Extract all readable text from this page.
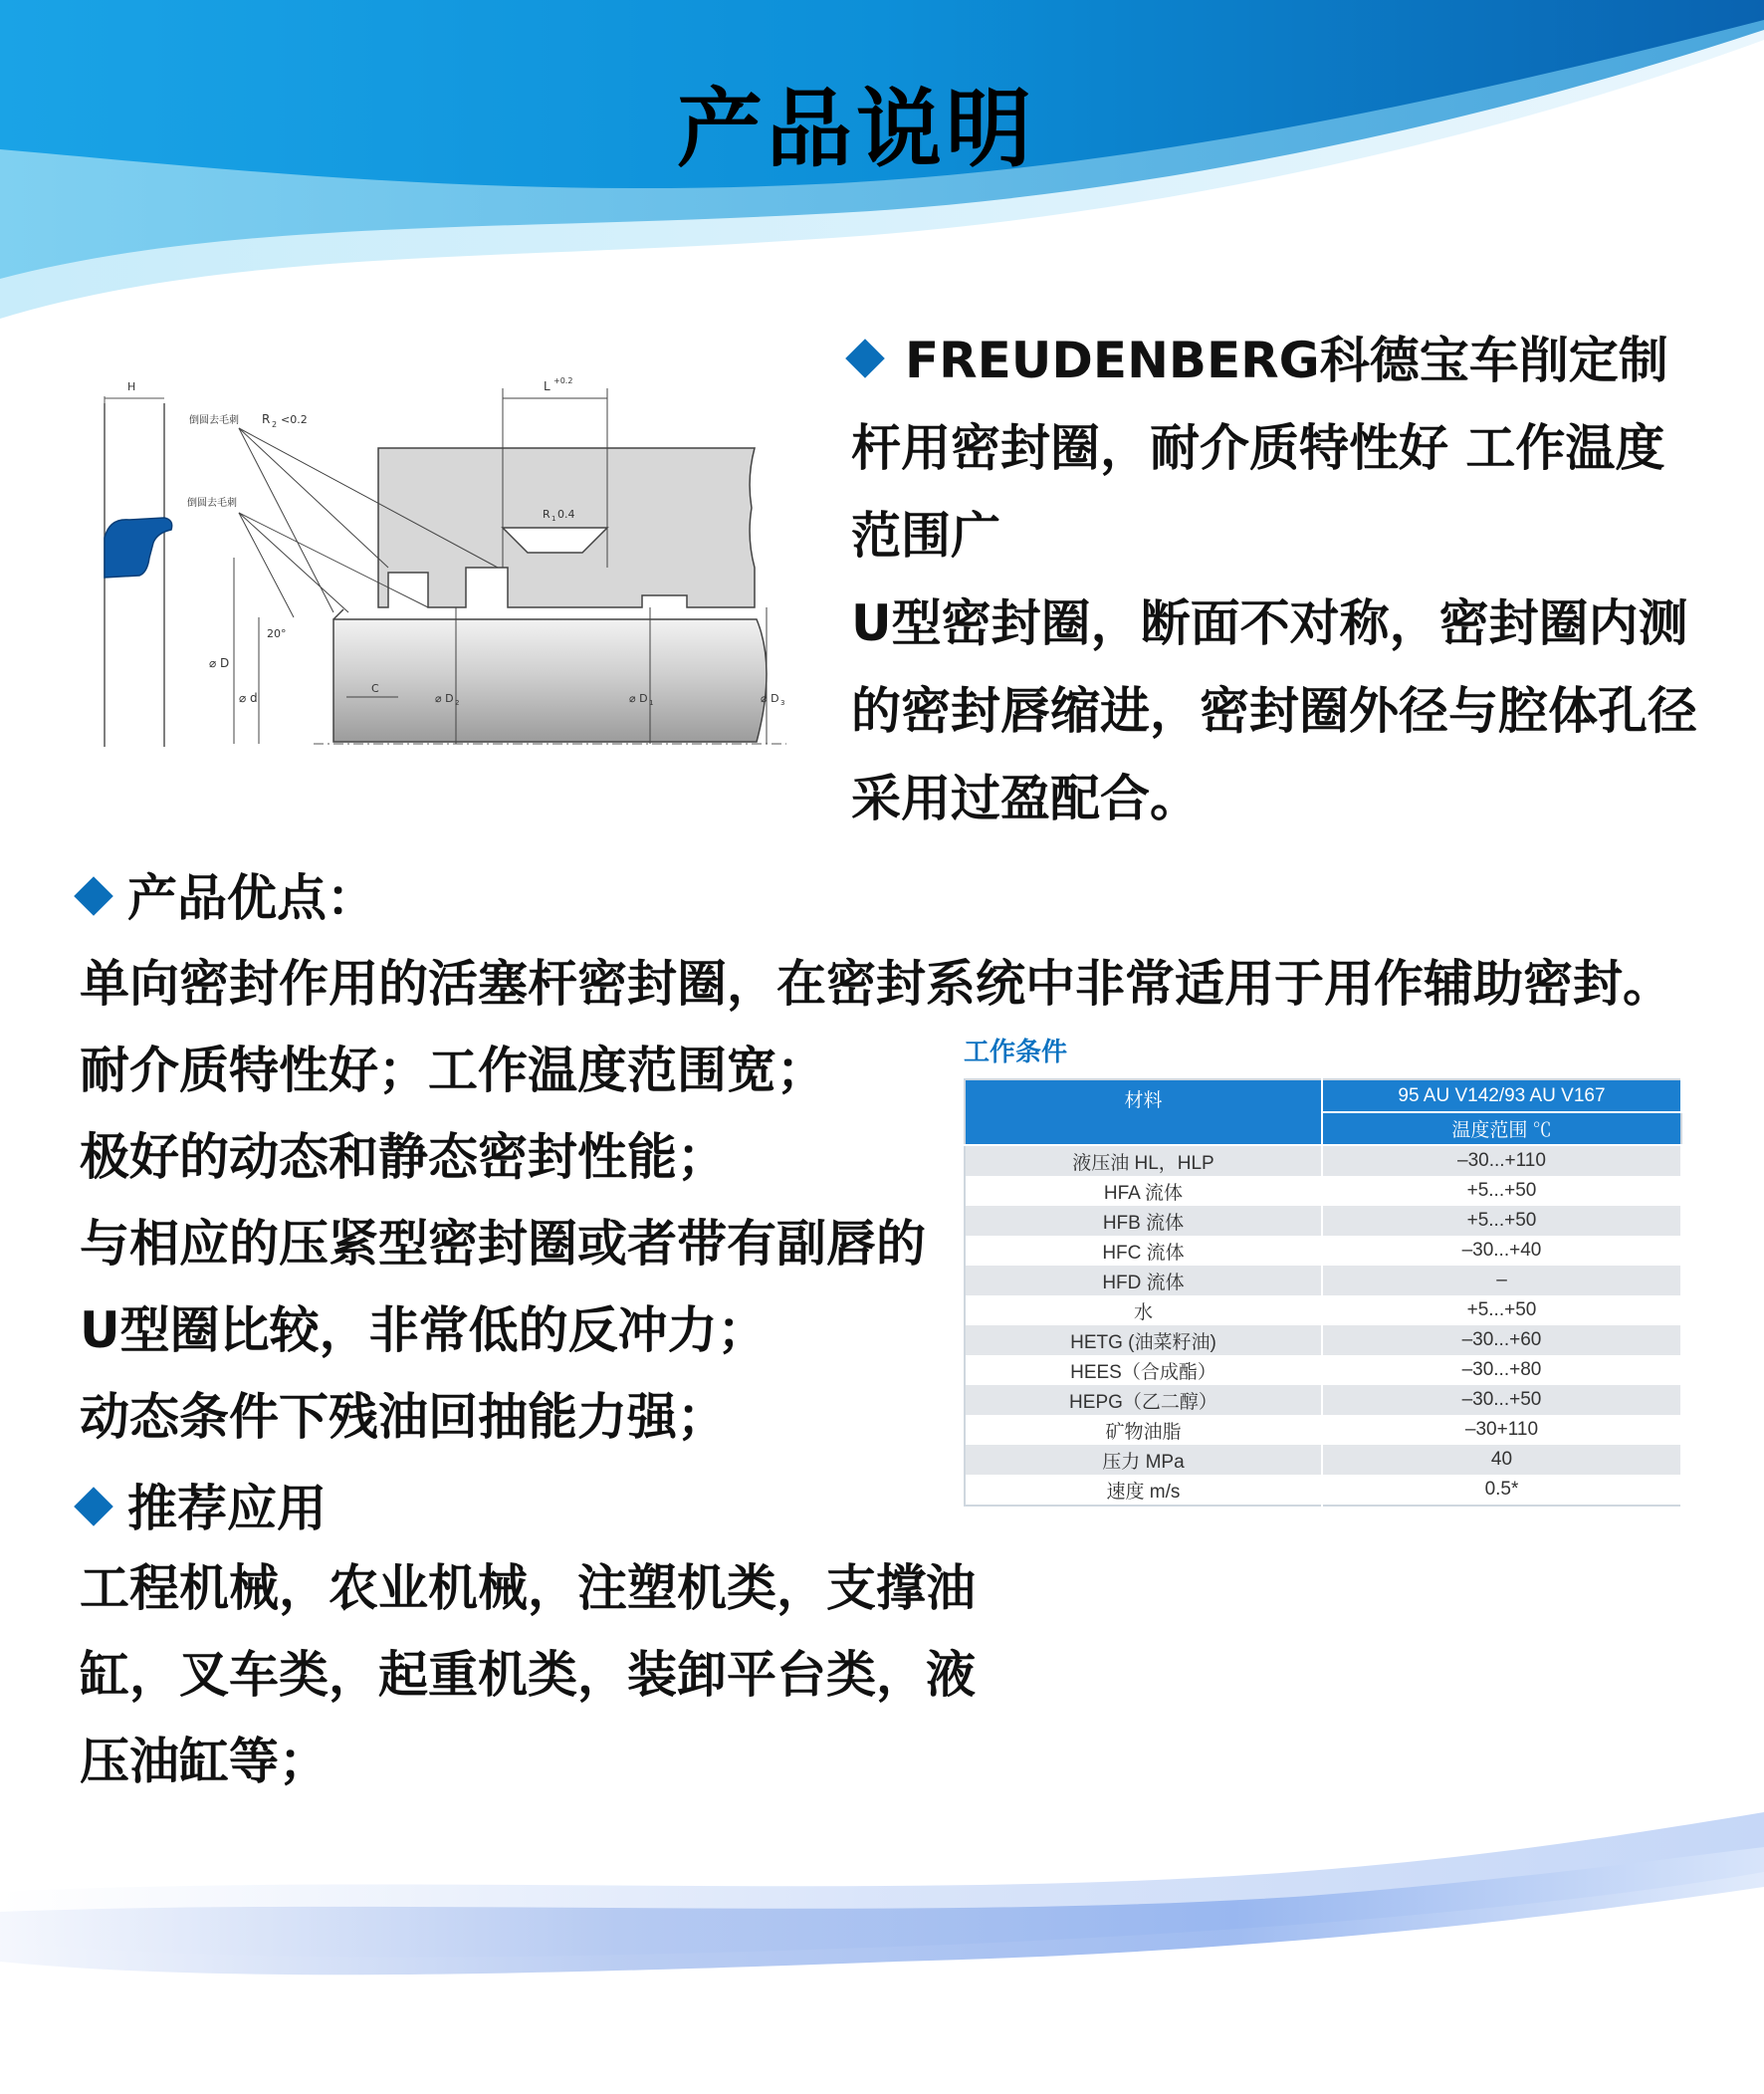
产品说明
H	L +0.2
倒圆去毛刺 R 2 <0.2
倒圆去毛刺
R 1 0.4
20°
⌀ D
⌀ d
C
⌀ D 2	⌀ D 1	⌀ D 3

FREUDENBERG科德宝车削定制

杆用密封圈，耐介质特性好 工作温度

范围广

U型密封圈，断面不对称，密封圈内测

的密封唇缩进，密封圈外径与腔体孔径

采用过盈配合。

产品优点：

单向密封作用的活塞杆密封圈，在密封系统中非常适用于用作辅助密封。

耐介质特性好；工作温度范围宽；

极好的动态和静态密封性能；

与相应的压紧型密封圈或者带有副唇的

U型圈比较，非常低的反冲力；

动态条件下残油回抽能力强；

推荐应用

工程机械，农业机械，注塑机类，支撑油

缸，叉车类，起重机类，装卸平台类，液

压油缸等；

工作条件
材料	95 AU V142/93 AU V167
	温度范围 ℃
液压油 HL，HLP	–30...+110
HFA 流体	+5...+50
HFB 流体	+5...+50
HFC 流体	–30...+40
HFD 流体	–
水	+5...+50
HETG (油菜籽油)	–30...+60
HEES（合成酯）	–30...+80
HEPG（乙二醇）	–30...+50
矿物油脂	–30+110
压力 MPa	40
速度 m/s	0.5*
